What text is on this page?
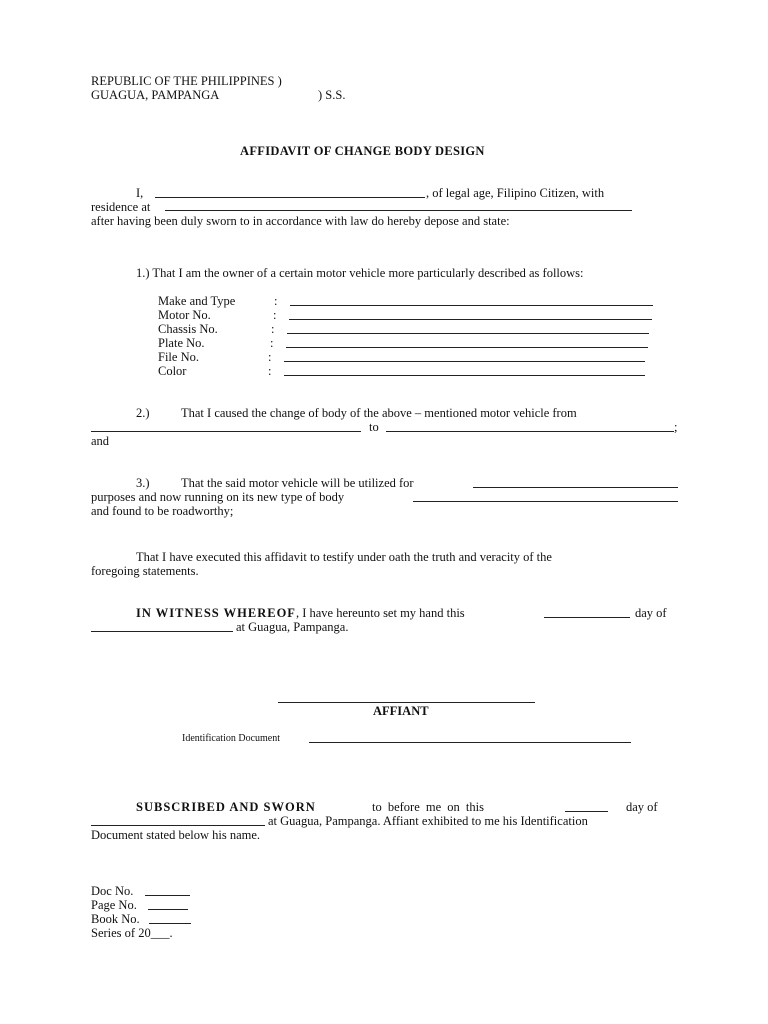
REPUBLIC OF THE PHILIPPINES )
GUAGUA, PAMPANGA	) S.S.
AFFIDAVIT OF CHANGE BODY DESIGN
I,	, of legal age, Filipino Citizen, with
residence at
after having been duly sworn to in accordance with law do hereby depose and state:
1.) That I am the owner of a certain motor vehicle more particularly described as follows:
Make and Type	:
Motor No.	:
Chassis No.	:
Plate No.	:
File No.	:
Color	:
2.)	That I caused the change of body of the above – mentioned motor vehicle from
to	;
and
3.)	That the said motor vehicle will be utilized for
purposes and now running on its new type of body
and found to be roadworthy;
That I have executed this affidavit to testify under oath the truth and veracity of the
foregoing statements.
IN WITNESS WHEREOF, I have hereunto set my hand this	day of
at Guagua, Pampanga.
AFFIANT
Identification Document
SUBSCRIBED AND SWORN	to before me on this	day of
at Guagua, Pampanga. Affiant exhibited to me his Identification
Document stated below his name.
Doc No.
Page No.
Book No.
Series of 20___.
